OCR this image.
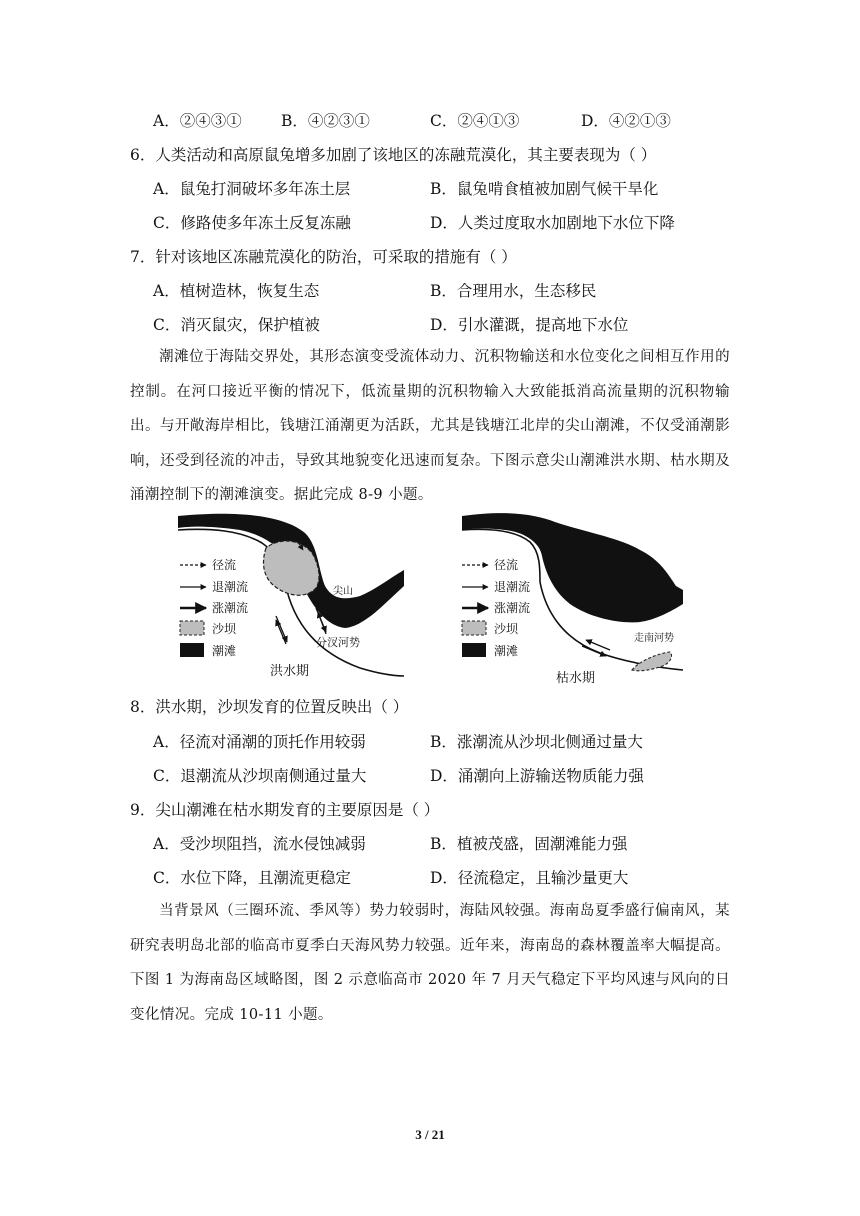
A．②④③①	B．④②③①	C．②④①③	D．④②①③
6．人类活动和高原鼠兔增多加剧了该地区的冻融荒漠化，其主要表现为（ ）
A．鼠兔打洞破坏多年冻土层	B．鼠兔啃食植被加剧气候干旱化
C．修路使多年冻土反复冻融	D．人类过度取水加剧地下水位下降
7．针对该地区冻融荒漠化的防治，可采取的措施有（ ）
A．植树造林，恢复生态	B．合理用水，生态移民
C．消灭鼠灾，保护植被	D．引水灌溉，提高地下水位
潮滩位于海陆交界处，其形态演变受流体动力、沉积物输送和水位变化之间相互作用的控制。在河口接近平衡的情况下，低流量期的沉积物输入大致能抵消高流量期的沉积物输出。与开敞海岸相比，钱塘江涌潮更为活跃，尤其是钱塘江北岸的尖山潮滩，不仅受涌潮影响，还受到径流的冲击，导致其地貌变化迅速而复杂。下图示意尖山潮滩洪水期、枯水期及涌潮控制下的潮滩演变。据此完成 8-9 小题。
尖山
分汊河势
洪水期
径流
退潮流
涨潮流
沙坝
潮滩
走南河势
枯水期
径流
退潮流
涨潮流
沙坝
潮滩
8．洪水期，沙坝发育的位置反映出（ ）
A．径流对涌潮的顶托作用较弱	B．涨潮流从沙坝北侧通过量大
C．退潮流从沙坝南侧通过量大	D．涌潮向上游输送物质能力强
9．尖山潮滩在枯水期发育的主要原因是（ ）
A．受沙坝阻挡，流水侵蚀减弱	B．植被茂盛，固潮滩能力强
C．水位下降，且潮流更稳定	D．径流稳定，且输沙量更大
当背景风（三圈环流、季风等）势力较弱时，海陆风较强。海南岛夏季盛行偏南风，某研究表明岛北部的临高市夏季白天海风势力较强。近年来，海南岛的森林覆盖率大幅提高。下图 1 为海南岛区域略图，图 2 示意临高市 2020 年 7 月天气稳定下平均风速与风向的日变化情况。完成 10-11 小题。
3 / 21
